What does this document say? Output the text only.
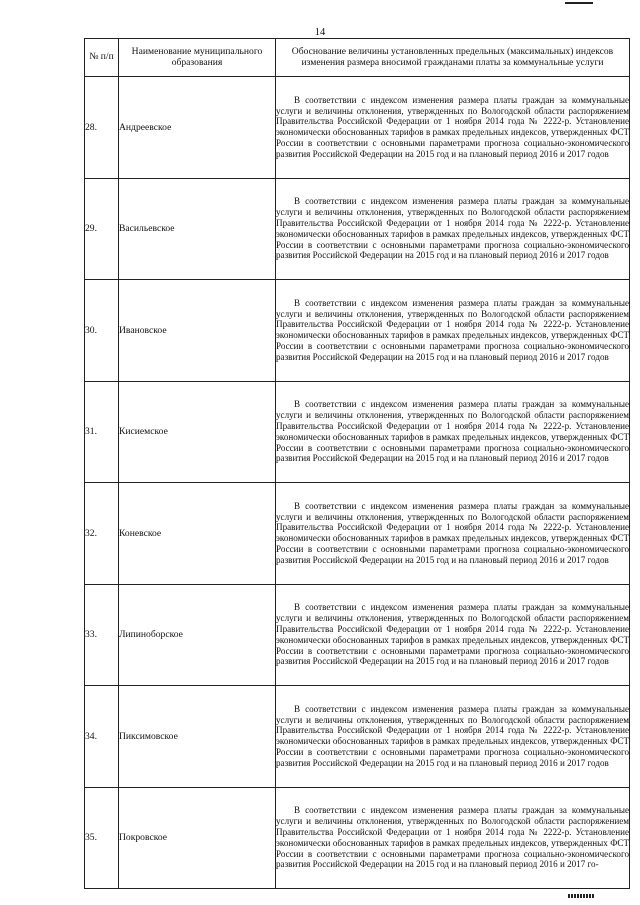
14
№ п/п	Наименование муниципального образования	Обоснование величины установленных предельных (максимальных) индексов изменения размера вносимой гражданами платы за коммунальные услуги
28.	Андреевское	В соответствии с индексом изменения размера платы граждан за коммунальные услуги и величины отклонения, утвержденных по Вологодской области распоряжением Правительства Российской Федерации от 1 ноября 2014 года № 2222-р. Установление экономически обоснованных тарифов в рамках предельных индексов, утвержденных ФСТ России в соответствии с основными параметрами прогноза социально-экономического развития Российской Федерации на 2015 год и на плановый период 2016 и 2017 годов

29.	Васильевское	В соответствии с индексом изменения размера платы граждан за коммунальные услуги и величины отклонения, утвержденных по Вологодской области распоряжением Правительства Российской Федерации от 1 ноября 2014 года № 2222-р. Установление экономически обоснованных тарифов в рамках предельных индексов, утвержденных ФСТ России в соответствии с основными параметрами прогноза социально-экономического развития Российской Федерации на 2015 год и на плановый период 2016 и 2017 годов

30.	Ивановское	В соответствии с индексом изменения размера платы граждан за коммунальные услуги и величины отклонения, утвержденных по Вологодской области распоряжением Правительства Российской Федерации от 1 ноября 2014 года № 2222-р. Установление экономически обоснованных тарифов в рамках предельных индексов, утвержденных ФСТ России в соответствии с основными параметрами прогноза социально-экономического развития Российской Федерации на 2015 год и на плановый период 2016 и 2017 годов

31.	Кисиемское	В соответствии с индексом изменения размера платы граждан за коммунальные услуги и величины отклонения, утвержденных по Вологодской области распоряжением Правительства Российской Федерации от 1 ноября 2014 года № 2222-р. Установление экономически обоснованных тарифов в рамках предельных индексов, утвержденных ФСТ России в соответствии с основными параметрами прогноза социально-экономического развития Российской Федерации на 2015 год и на плановый период 2016 и 2017 годов

32.	Коневское	В соответствии с индексом изменения размера платы граждан за коммунальные услуги и величины отклонения, утвержденных по Вологодской области распоряжением Правительства Российской Федерации от 1 ноября 2014 года № 2222-р. Установление экономически обоснованных тарифов в рамках предельных индексов, утвержденных ФСТ России в соответствии с основными параметрами прогноза социально-экономического развития Российской Федерации на 2015 год и на плановый период 2016 и 2017 годов

33.	Липиноборское	В соответствии с индексом изменения размера платы граждан за коммунальные услуги и величины отклонения, утвержденных по Вологодской области распоряжением Правительства Российской Федерации от 1 ноября 2014 года № 2222-р. Установление экономически обоснованных тарифов в рамках предельных индексов, утвержденных ФСТ России в соответствии с основными параметрами прогноза социально-экономического развития Российской Федерации на 2015 год и на плановый период 2016 и 2017 годов

34.	Пиксимовское	В соответствии с индексом изменения размера платы граждан за коммунальные услуги и величины отклонения, утвержденных по Вологодской области распоряжением Правительства Российской Федерации от 1 ноября 2014 года № 2222-р. Установление экономически обоснованных тарифов в рамках предельных индексов, утвержденных ФСТ России в соответствии с основными параметрами прогноза социально-экономического развития Российской Федерации на 2015 год и на плановый период 2016 и 2017 годов

35.	Покровское	В соответствии с индексом изменения размера платы граждан за коммунальные услуги и величины отклонения, утвержденных по Вологодской области распоряжением Правительства Российской Федерации от 1 ноября 2014 года № 2222-р. Установление экономически обоснованных тарифов в рамках предельных индексов, утвержденных ФСТ России в соответствии с основными параметрами прогноза социально-экономического развития Российской Федерации на 2015 год и на плановый период 2016 и 2017 го-
